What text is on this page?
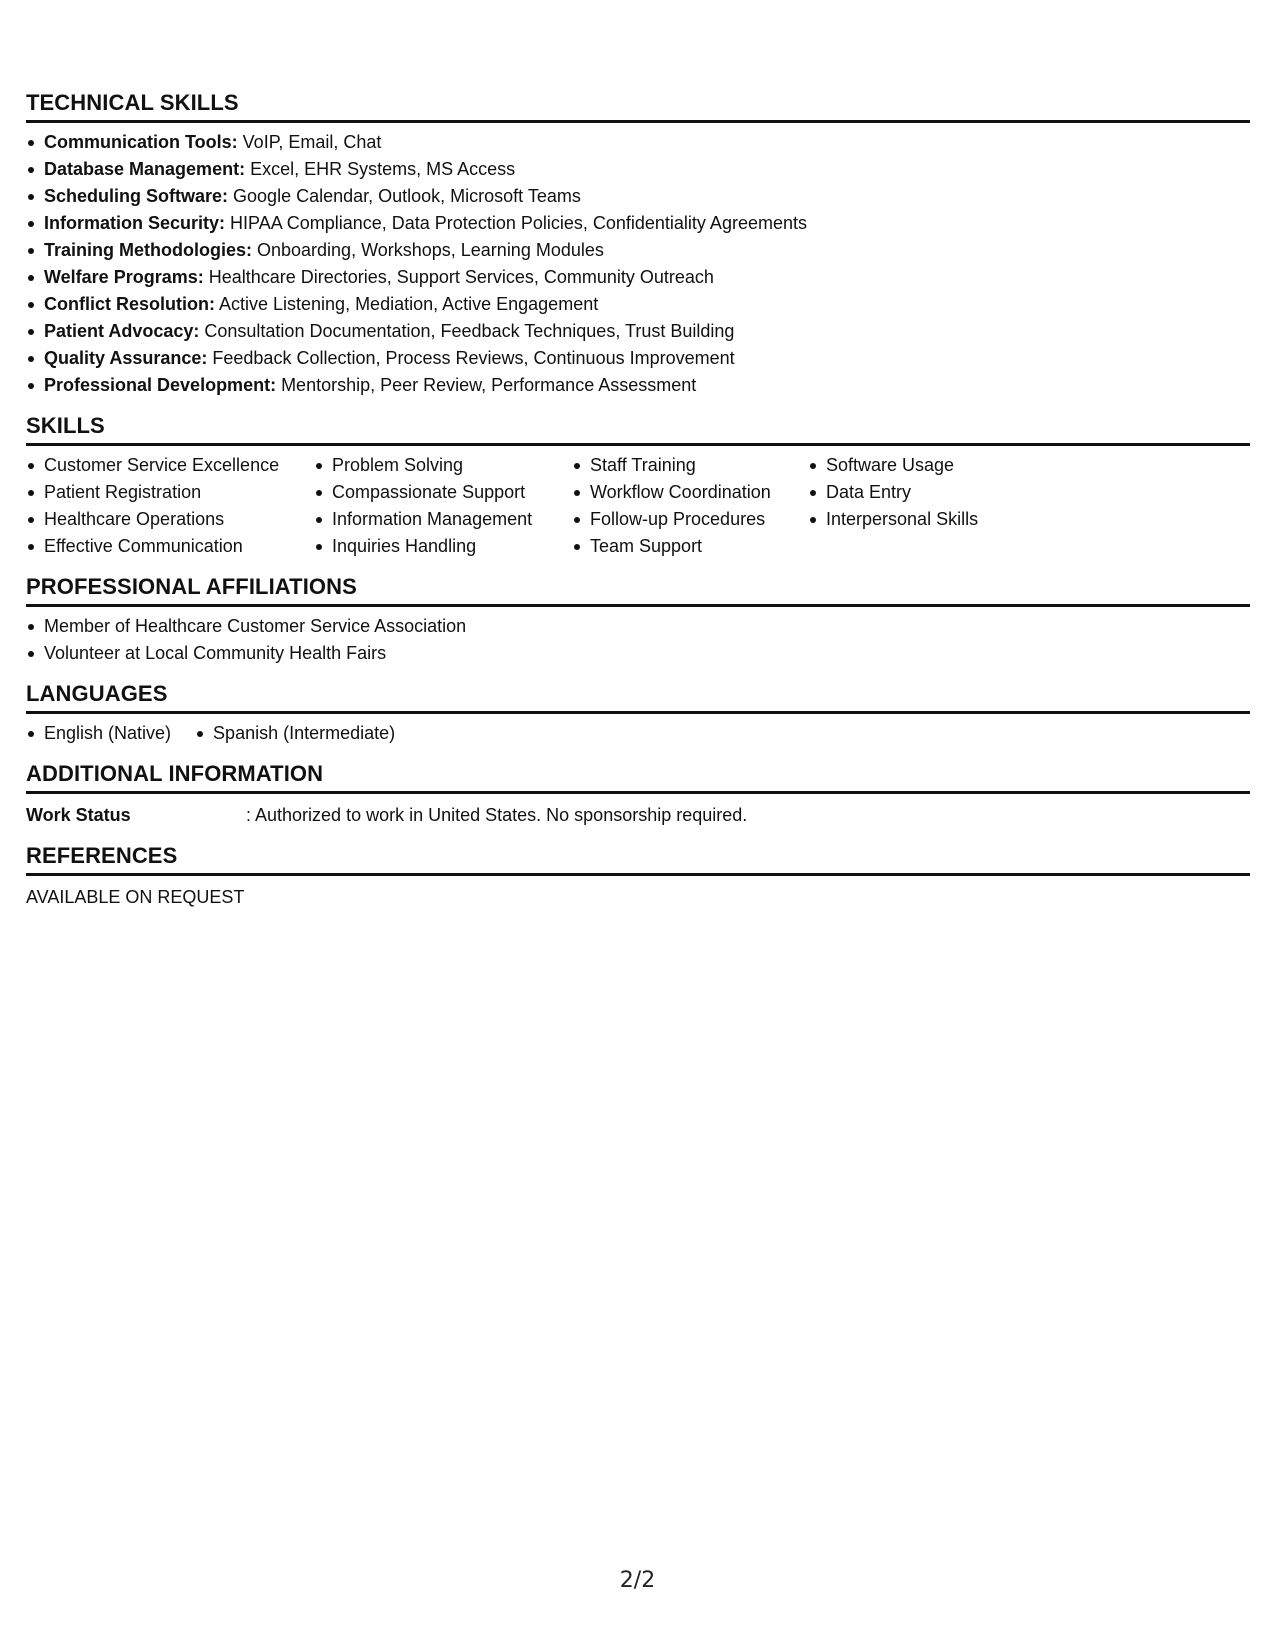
TECHNICAL SKILLS
Communication Tools: VoIP, Email, Chat
Database Management: Excel, EHR Systems, MS Access
Scheduling Software: Google Calendar, Outlook, Microsoft Teams
Information Security: HIPAA Compliance, Data Protection Policies, Confidentiality Agreements
Training Methodologies: Onboarding, Workshops, Learning Modules
Welfare Programs: Healthcare Directories, Support Services, Community Outreach
Conflict Resolution: Active Listening, Mediation, Active Engagement
Patient Advocacy: Consultation Documentation, Feedback Techniques, Trust Building
Quality Assurance: Feedback Collection, Process Reviews, Continuous Improvement
Professional Development: Mentorship, Peer Review, Performance Assessment
SKILLS
Customer Service Excellence
Patient Registration
Healthcare Operations
Effective Communication
Problem Solving
Compassionate Support
Information Management
Inquiries Handling
Staff Training
Workflow Coordination
Follow-up Procedures
Team Support
Software Usage
Data Entry
Interpersonal Skills
PROFESSIONAL AFFILIATIONS
Member of Healthcare Customer Service Association
Volunteer at Local Community Health Fairs
LANGUAGES
English (Native)	Spanish (Intermediate)
ADDITIONAL INFORMATION
Work Status	: Authorized to work in United States. No sponsorship required.
REFERENCES
AVAILABLE ON REQUEST
2/2
